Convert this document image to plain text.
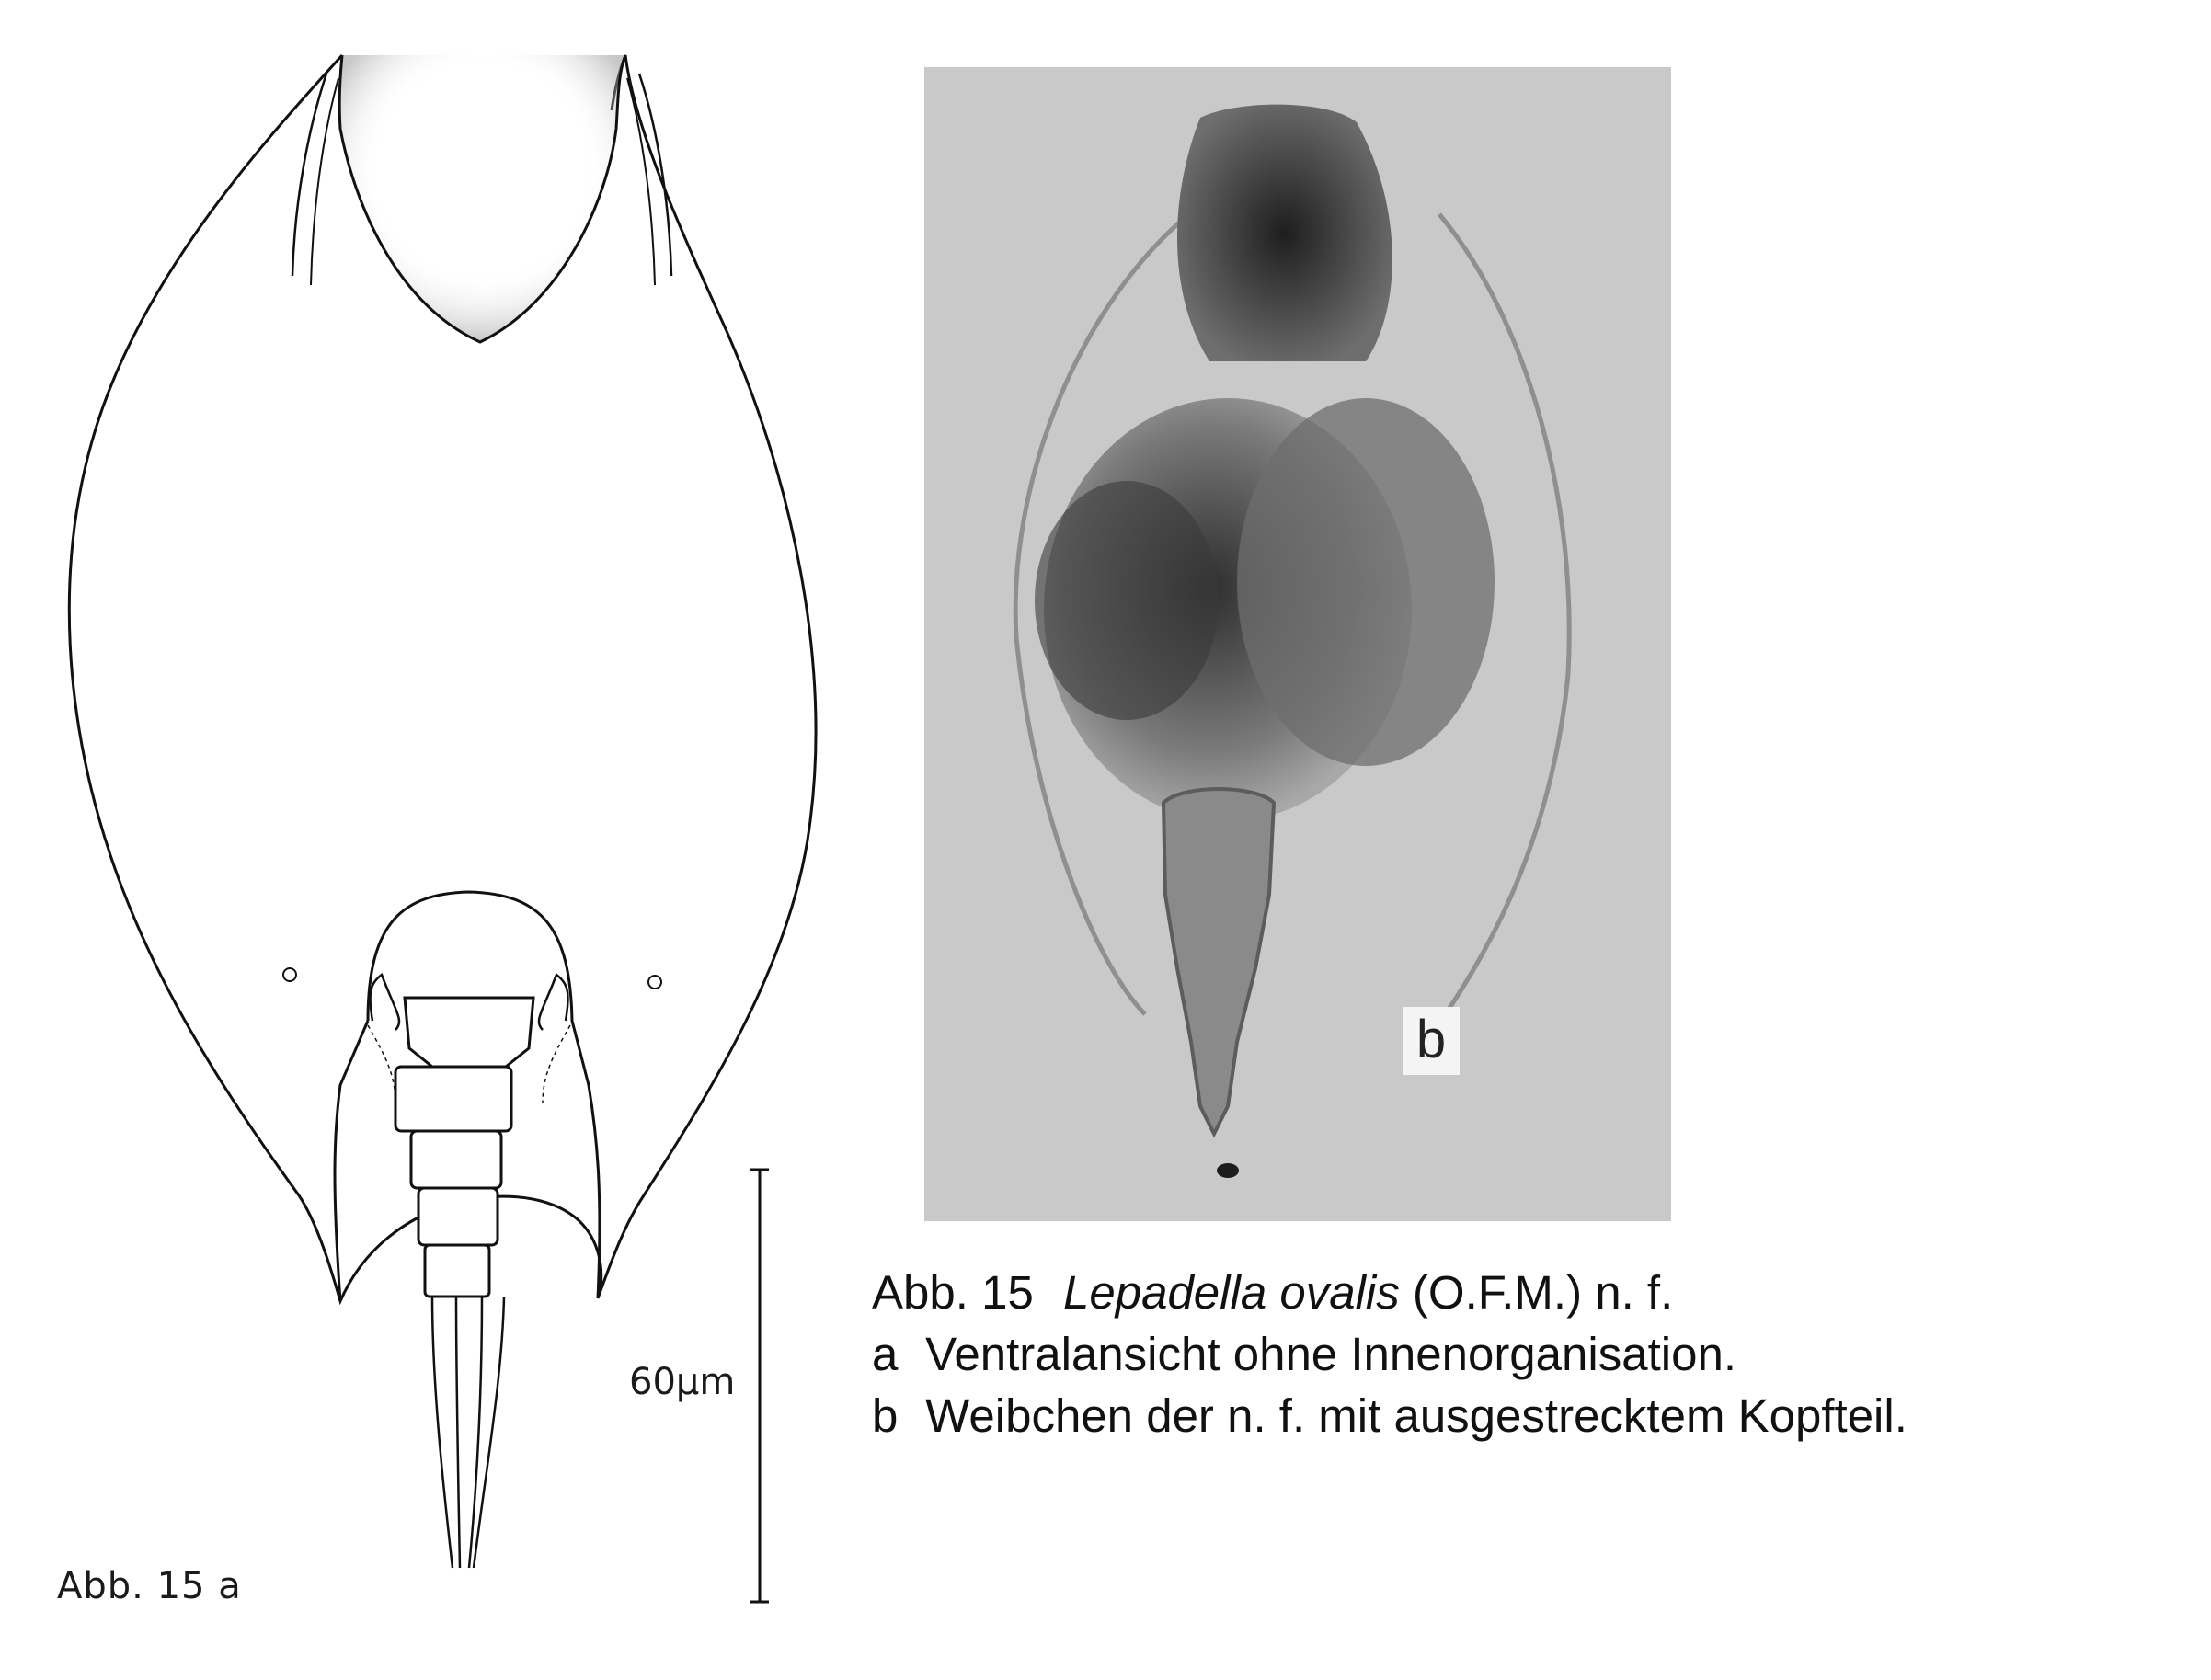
60µm
Abb. 15 a
b
Abb. 15 Lepadella ovalis (O.F.M.) n. f.
a Ventralansicht ohne Innenorganisation.
b Weibchen der n. f. mit ausgestrecktem Kopfteil.
